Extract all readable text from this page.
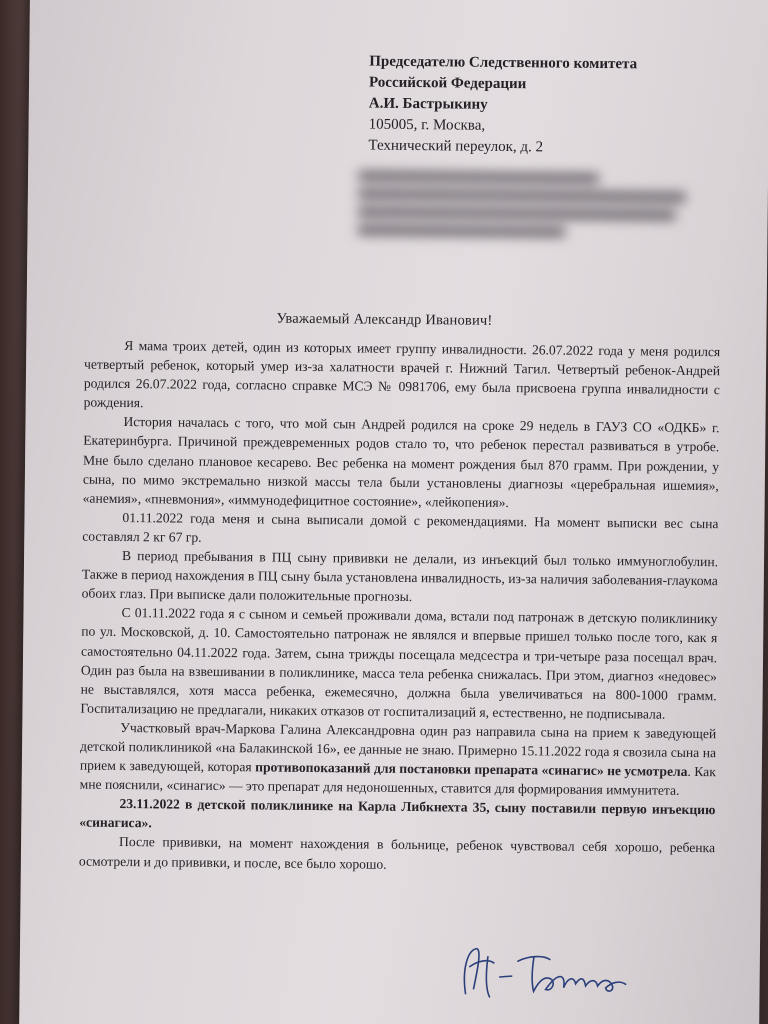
Председателю Следственного комитета
Российской Федерации
А.И. Бастрыкину
105005, г. Москва,
Технический переулок, д. 2
Уважаемый Александр Иванович!

Я мама троих детей, один из которых имеет группу инвалидности. 26.07.2022 года у меня родился четвертый ребенок, который умер из-за халатности врачей г. Нижний Тагил. Четвертый ребенок-Андрей родился 26.07.2022 года, согласно справке МСЭ № 0981706, ему была присвоена группа инвалидности с рождения.

История началась с того, что мой сын Андрей родился на сроке 29 недель в ГАУЗ СО «ОДКБ» г. Екатеринбурга. Причиной преждевременных родов стало то, что ребенок перестал развиваться в утробе. Мне было сделано плановое кесарево. Вес ребенка на момент рождения был 870 грамм. При рождении, у сына, по мимо экстремально низкой массы тела были установлены диагнозы «церебральная ишемия», «анемия», «пневмония», «иммунодефицитное состояние», «лейкопения».

01.11.2022 года меня и сына выписали домой с рекомендациями. На момент выписки вес сына составлял 2 кг 67 гр.

В период пребывания в ПЦ сыну прививки не делали, из инъекций был только иммуноглобулин. Также в период нахождения в ПЦ сыну была установлена инвалидность, из-за наличия заболевания-глаукома обоих глаз. При выписке дали положительные прогнозы.

С 01.11.2022 года я с сыном и семьей проживали дома, встали под патронаж в детскую поликлинику по ул. Московской, д. 10. Самостоятельно патронаж не являлся и впервые пришел только после того, как я самостоятельно 04.11.2022 года. Затем, сына трижды посещала медсестра и три-четыре раза посещал врач. Один раз была на взвешивании в поликлинике, масса тела ребенка снижалась. При этом, диагноз «недовес» не выставлялся, хотя масса ребенка, ежемесячно, должна была увеличиваться на 800-1000 грамм. Госпитализацию не предлагали, никаких отказов от госпитализаций я, естественно, не подписывала.

Участковый врач-Маркова Галина Александровна один раз направила сына на прием к заведующей детской поликлиникой «на Балакинской 16», ее данные не знаю. Примерно 15.11.2022 года я свозила сына на прием к заведующей, которая противопоказаний для постановки препарата «синагис» не усмотрела. Как мне пояснили, «синагис» — это препарат для недоношенных, ставится для формирования иммунитета.

23.11.2022 в детской поликлинике на Карла Либкнехта 35, сыну поставили первую инъекцию «синагиса».

После прививки, на момент нахождения в больнице, ребенок чувствовал себя хорошо, ребенка осмотрели и до прививки, и после, все было хорошо.
